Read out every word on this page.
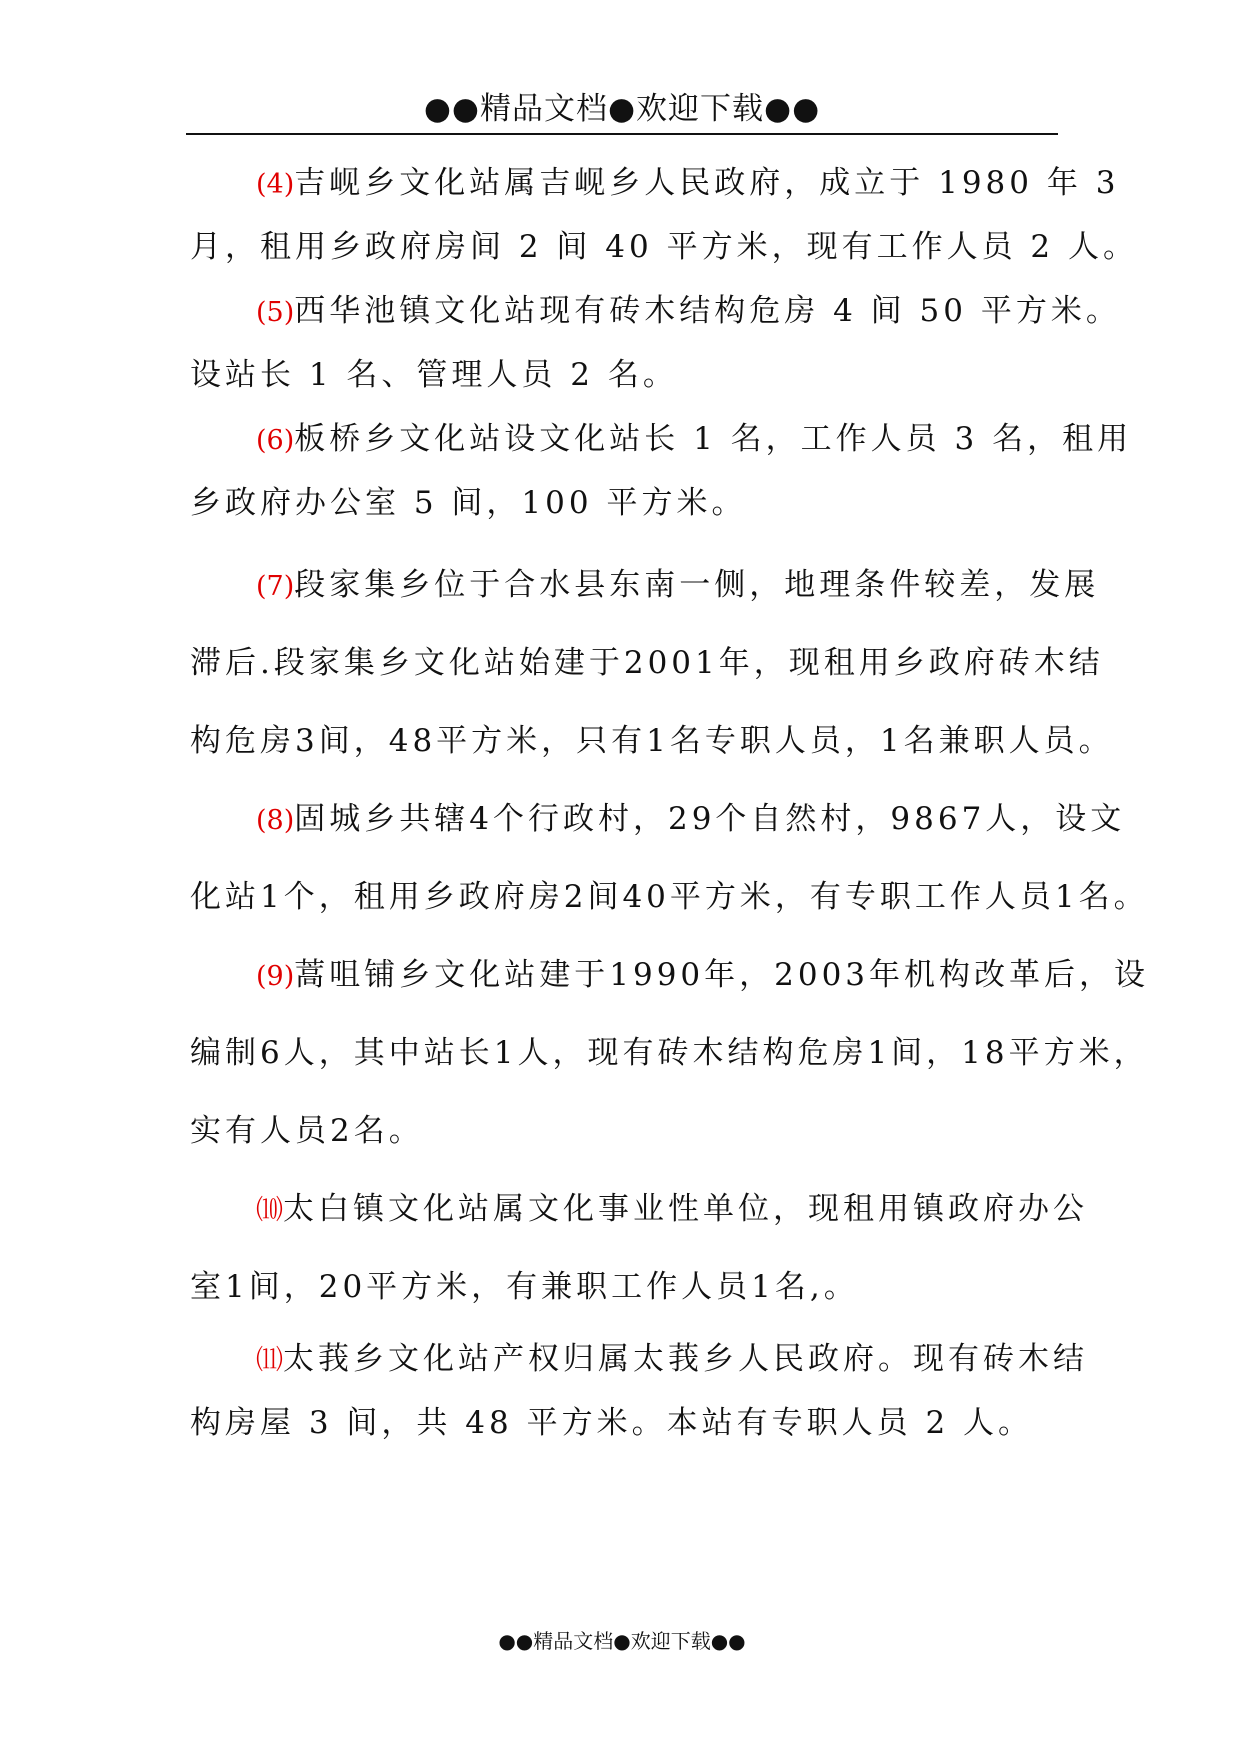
●●精品文档●欢迎下载●●
(4)吉岘乡文化站属吉岘乡人民政府，成立于 1980 年 3
月，租用乡政府房间 2 间 40 平方米，现有工作人员 2 人。
(5)西华池镇文化站现有砖木结构危房 4 间 50 平方米。
设站长 1 名、管理人员 2 名。
(6)板桥乡文化站设文化站长 1 名，工作人员 3 名，租用
乡政府办公室 5 间，100 平方米。
(7)段家集乡位于合水县东南一侧，地理条件较差，发展
滞后.段家集乡文化站始建于2001年，现租用乡政府砖木结
构危房3间，48平方米，只有1名专职人员，1名兼职人员。
(8)固城乡共辖4个行政村，29个自然村，9867人，设文
化站1个，租用乡政府房2间40平方米，有专职工作人员1名。
(9)蒿咀铺乡文化站建于1990年，2003年机构改革后，设
编制6人，其中站长1人，现有砖木结构危房1间，18平方米，
实有人员2名。
⑽太白镇文化站属文化事业性单位，现租用镇政府办公
室1间，20平方米，有兼职工作人员1名,。
⑾太莪乡文化站产权归属太莪乡人民政府。现有砖木结
构房屋 3 间，共 48 平方米。本站有专职人员 2 人。
●●精品文档●欢迎下载●●
